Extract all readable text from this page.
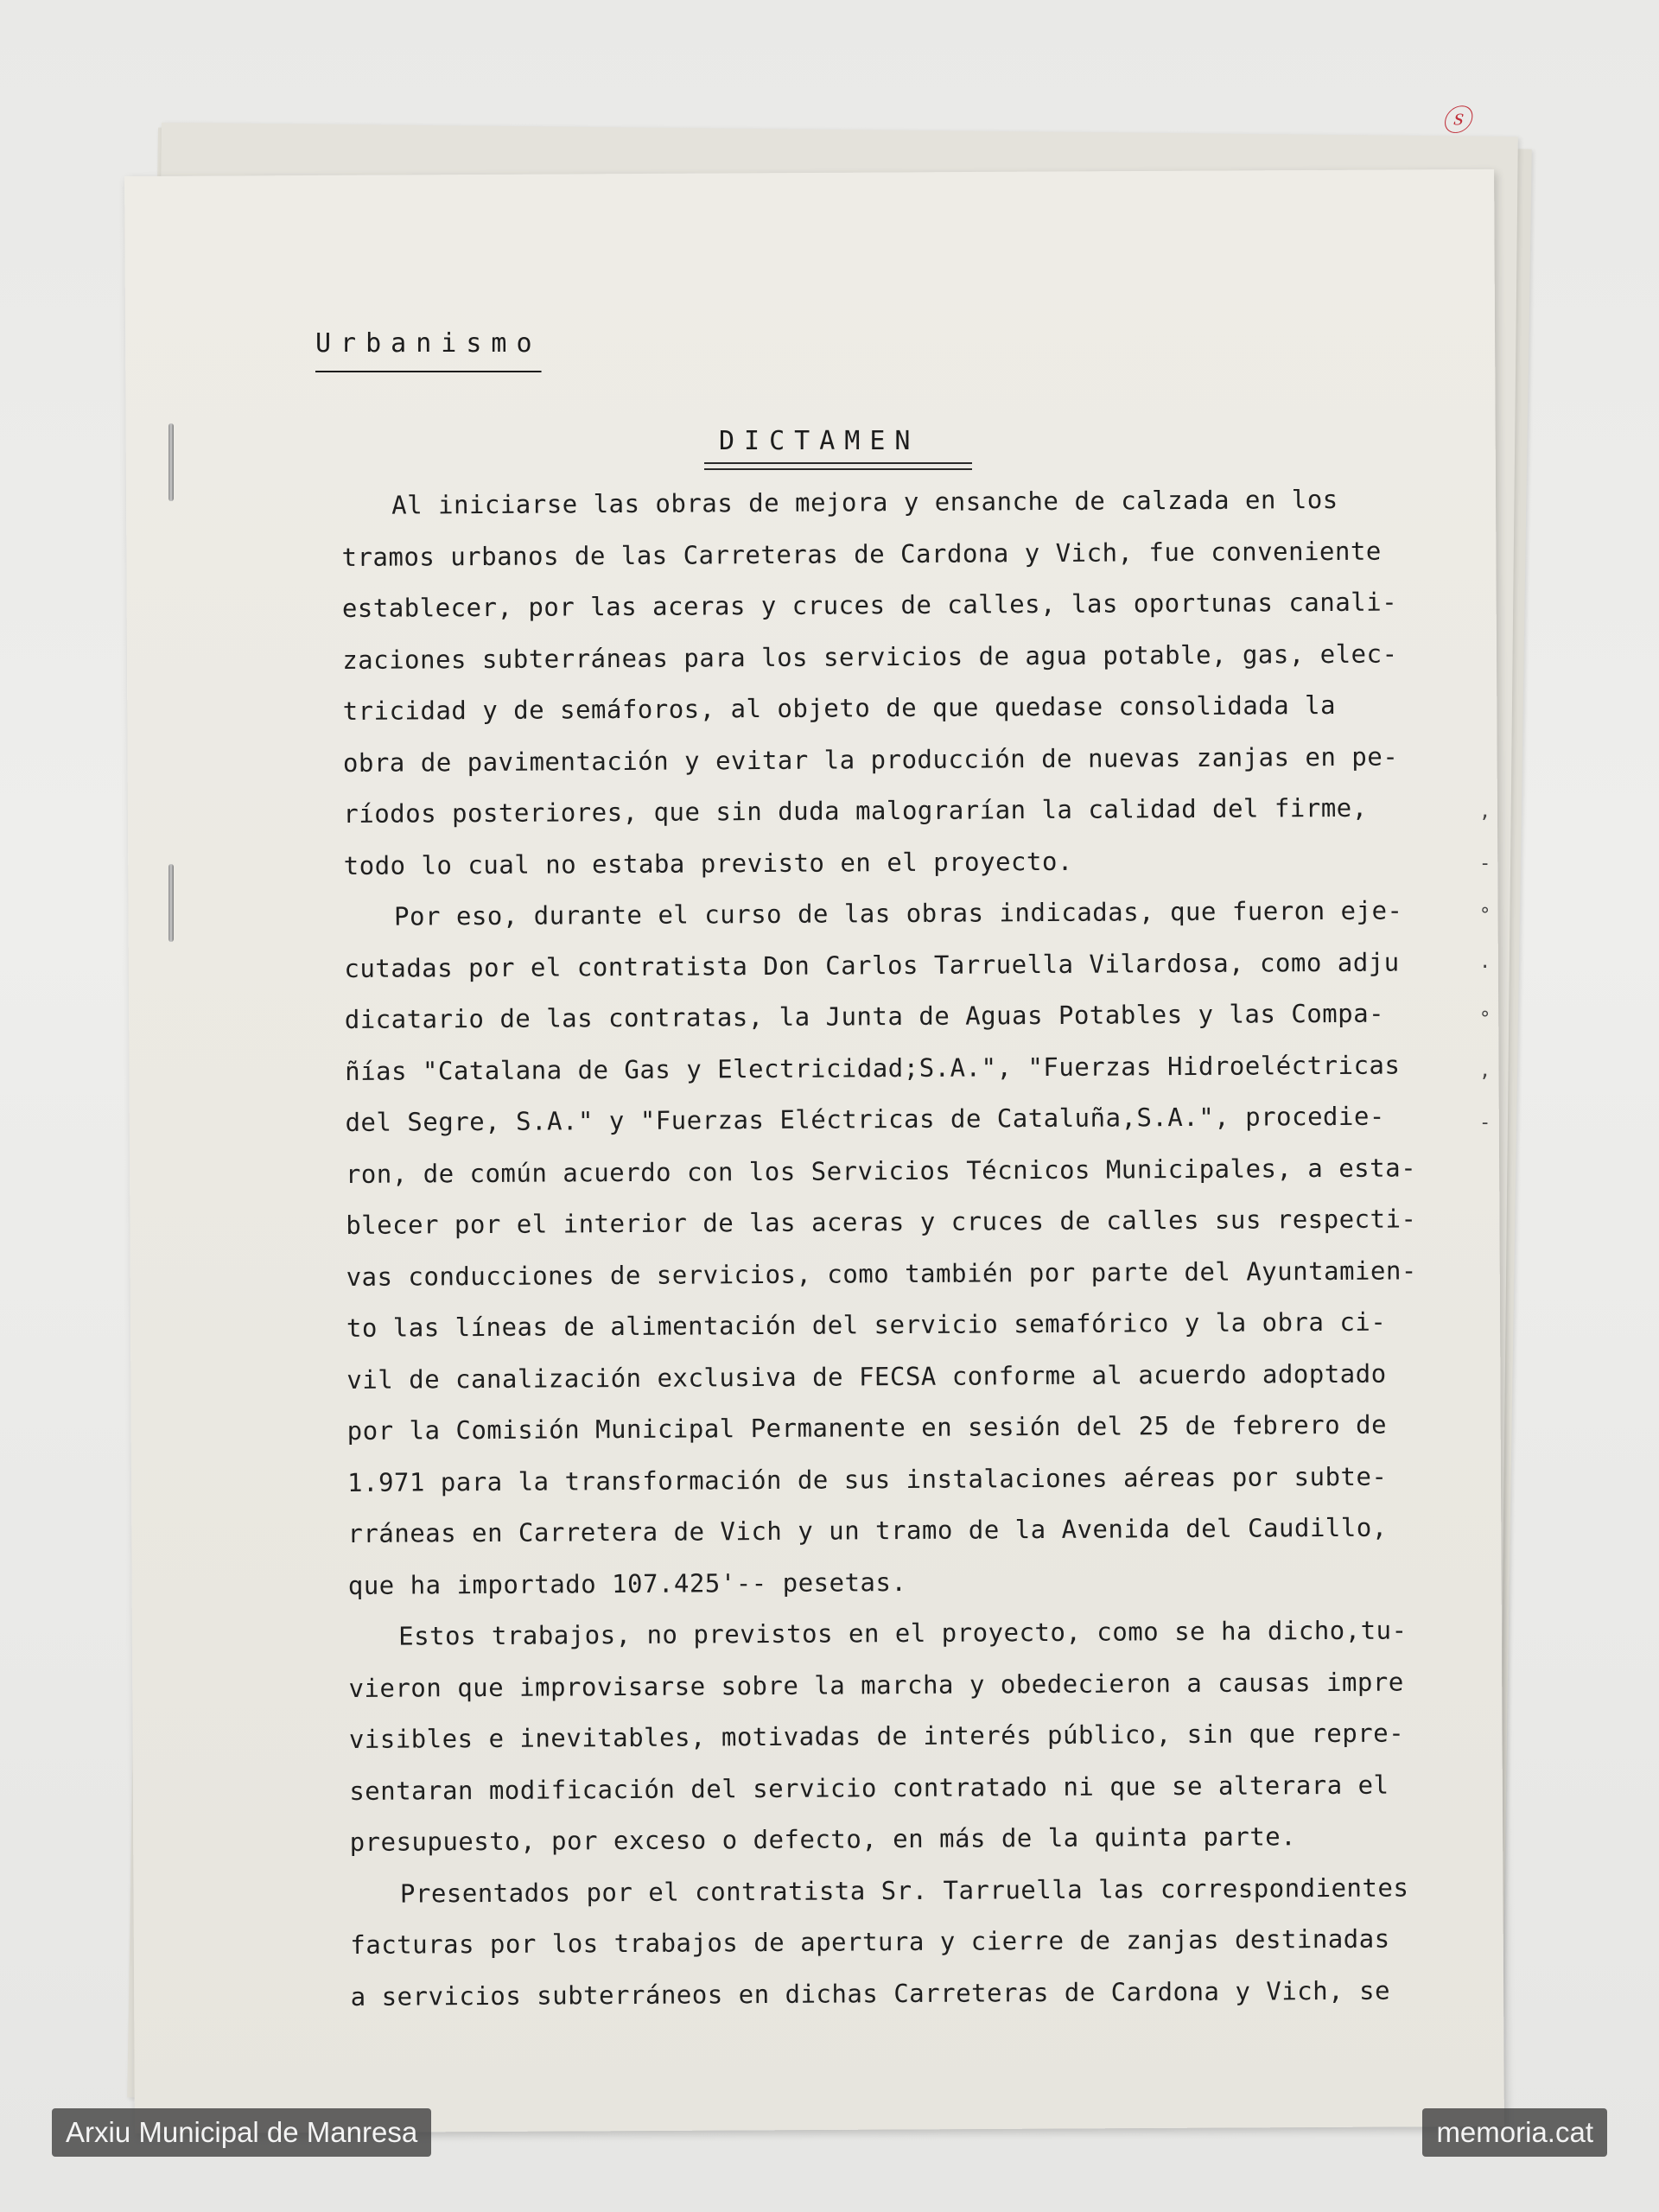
ⓢ
Urbanismo
DICTAMEN
Al iniciarse las obras de mejora y ensanche de calzada en los
tramos urbanos de las Carreteras de Cardona y Vich, fue conveniente
establecer, por las aceras y cruces de calles, las oportunas canali-
zaciones subterráneas para los servicios de agua potable, gas, elec-
tricidad y de semáforos, al objeto de que quedase consolidada la
obra de pavimentación y evitar la producción de nuevas zanjas en pe-
ríodos posteriores, que sin duda malograrían la calidad del firme,
todo lo cual no estaba previsto en el proyecto.
Por eso, durante el curso de las obras indicadas, que fueron eje-
cutadas por el contratista Don Carlos Tarruella Vilardosa, como adju
dicatario de las contratas, la Junta de Aguas Potables y las Compa-
ñías "Catalana de Gas y Electricidad;S.A.", "Fuerzas Hidroeléctricas
del Segre, S.A." y "Fuerzas Eléctricas de Cataluña,S.A.", procedie-
ron, de común acuerdo con los Servicios Técnicos Municipales, a esta-
blecer por el interior de las aceras y cruces de calles sus respecti-
vas conducciones de servicios, como también por parte del Ayuntamien-
to las líneas de alimentación del servicio semafórico y la obra ci-
vil de canalización exclusiva de FECSA conforme al acuerdo adoptado
por la Comisión Municipal Permanente en sesión del 25 de febrero de
1.971 para la transformación de sus instalaciones aéreas por subte-
rráneas en Carretera de Vich y un tramo de la Avenida del Caudillo,
que ha importado 107.425'-- pesetas.
Estos trabajos, no previstos en el proyecto, como se ha dicho,tu-
vieron que improvisarse sobre la marcha y obedecieron a causas impre
visibles e inevitables, motivadas de interés público, sin que repre-
sentaran modificación del servicio contratado ni que se alterara el
presupuesto, por exceso o defecto, en más de la quinta parte.
Presentados por el contratista Sr. Tarruella las correspondientes
facturas por los trabajos de apertura y cierre de zanjas destinadas
a servicios subterráneos en dichas Carreteras de Cardona y Vich, se
,
-
°
·
°
,
-
Arxiu Municipal de Manresa	memoria.cat
